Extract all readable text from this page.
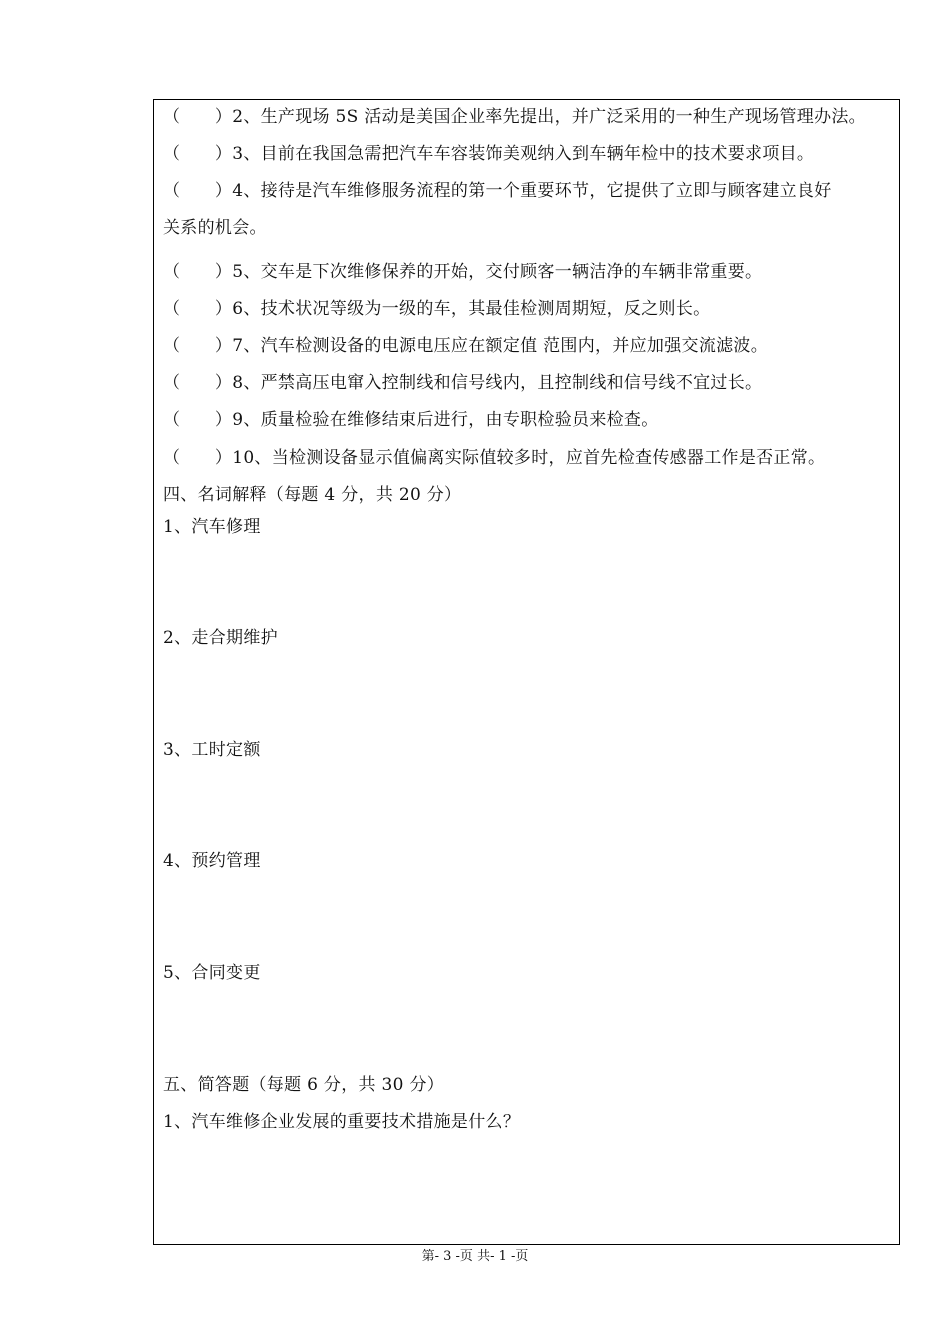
（　　）2、生产现场 5S 活动是美国企业率先提出，并广泛采用的一种生产现场管理办法。
（　　）3、目前在我国急需把汽车车容装饰美观纳入到车辆年检中的技术要求项目。
（　　）4、接待是汽车维修服务流程的第一个重要环节，它提供了立即与顾客建立良好
关系的机会。
（　　）5、交车是下次维修保养的开始，交付顾客一辆洁净的车辆非常重要。
（　　）6、技术状况等级为一级的车，其最佳检测周期短，反之则长。
（　　）7、汽车检测设备的电源电压应在额定值 范围内，并应加强交流滤波。
（　　）8、严禁高压电窜入控制线和信号线内，且控制线和信号线不宜过长。
（　　）9、质量检验在维修结束后进行，由专职检验员来检查。
（　　）10、当检测设备显示值偏离实际值较多时，应首先检查传感器工作是否正常。
四、名词解释（每题 4 分，共 20 分）
1、汽车修理
2、走合期维护
3、工时定额
4、预约管理
5、合同变更
五、简答题（每题 6 分，共 30 分）
1、汽车维修企业发展的重要技术措施是什么？
第- 3 -页 共- 1 -页
